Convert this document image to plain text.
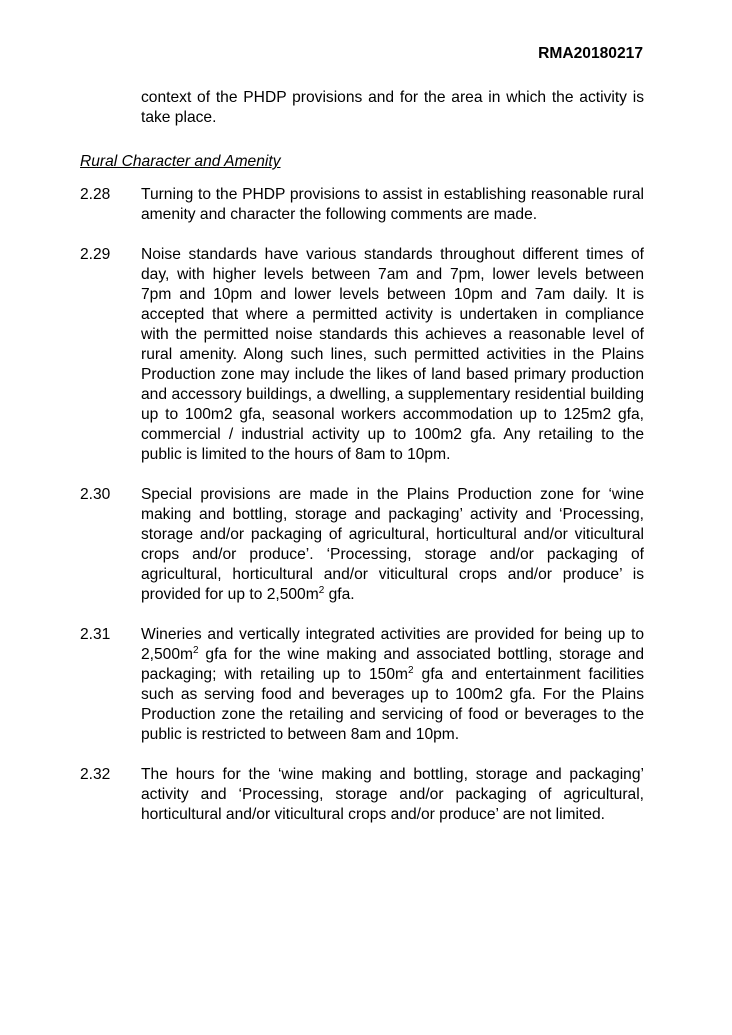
RMA20180217
context of the PHDP provisions and for the area in which the activity is take place.
Rural Character and Amenity
2.28	Turning to the PHDP provisions to assist in establishing reasonable rural amenity and character the following comments are made.
2.29	Noise standards have various standards throughout different times of day, with higher levels between 7am and 7pm, lower levels between 7pm and 10pm and lower levels between 10pm and 7am daily. It is accepted that where a permitted activity is undertaken in compliance with the permitted noise standards this achieves a reasonable level of rural amenity. Along such lines, such permitted activities in the Plains Production zone may include the likes of land based primary production and accessory buildings, a dwelling, a supplementary residential building up to 100m2 gfa, seasonal workers accommodation up to 125m2 gfa, commercial / industrial activity up to 100m2 gfa. Any retailing to the public is limited to the hours of 8am to 10pm.
2.30	Special provisions are made in the Plains Production zone for ‘wine making and bottling, storage and packaging’ activity and ‘Processing, storage and/or packaging of agricultural, horticultural and/or viticultural crops and/or produce’. ‘Processing, storage and/or packaging of agricultural, horticultural and/or viticultural crops and/or produce’ is provided for up to $2,500m^2$ gfa.
2.31	Wineries and vertically integrated activities are provided for being up to $2,500m^2$ gfa for the wine making and associated bottling, storage and packaging; with retailing up to $150m^2$ gfa and entertainment facilities such as serving food and beverages up to 100m2 gfa. For the Plains Production zone the retailing and servicing of food or beverages to the public is restricted to between 8am and 10pm.
2.32	The hours for the ‘wine making and bottling, storage and packaging’ activity and ‘Processing, storage and/or packaging of agricultural, horticultural and/or viticultural crops and/or produce’ are not limited.
